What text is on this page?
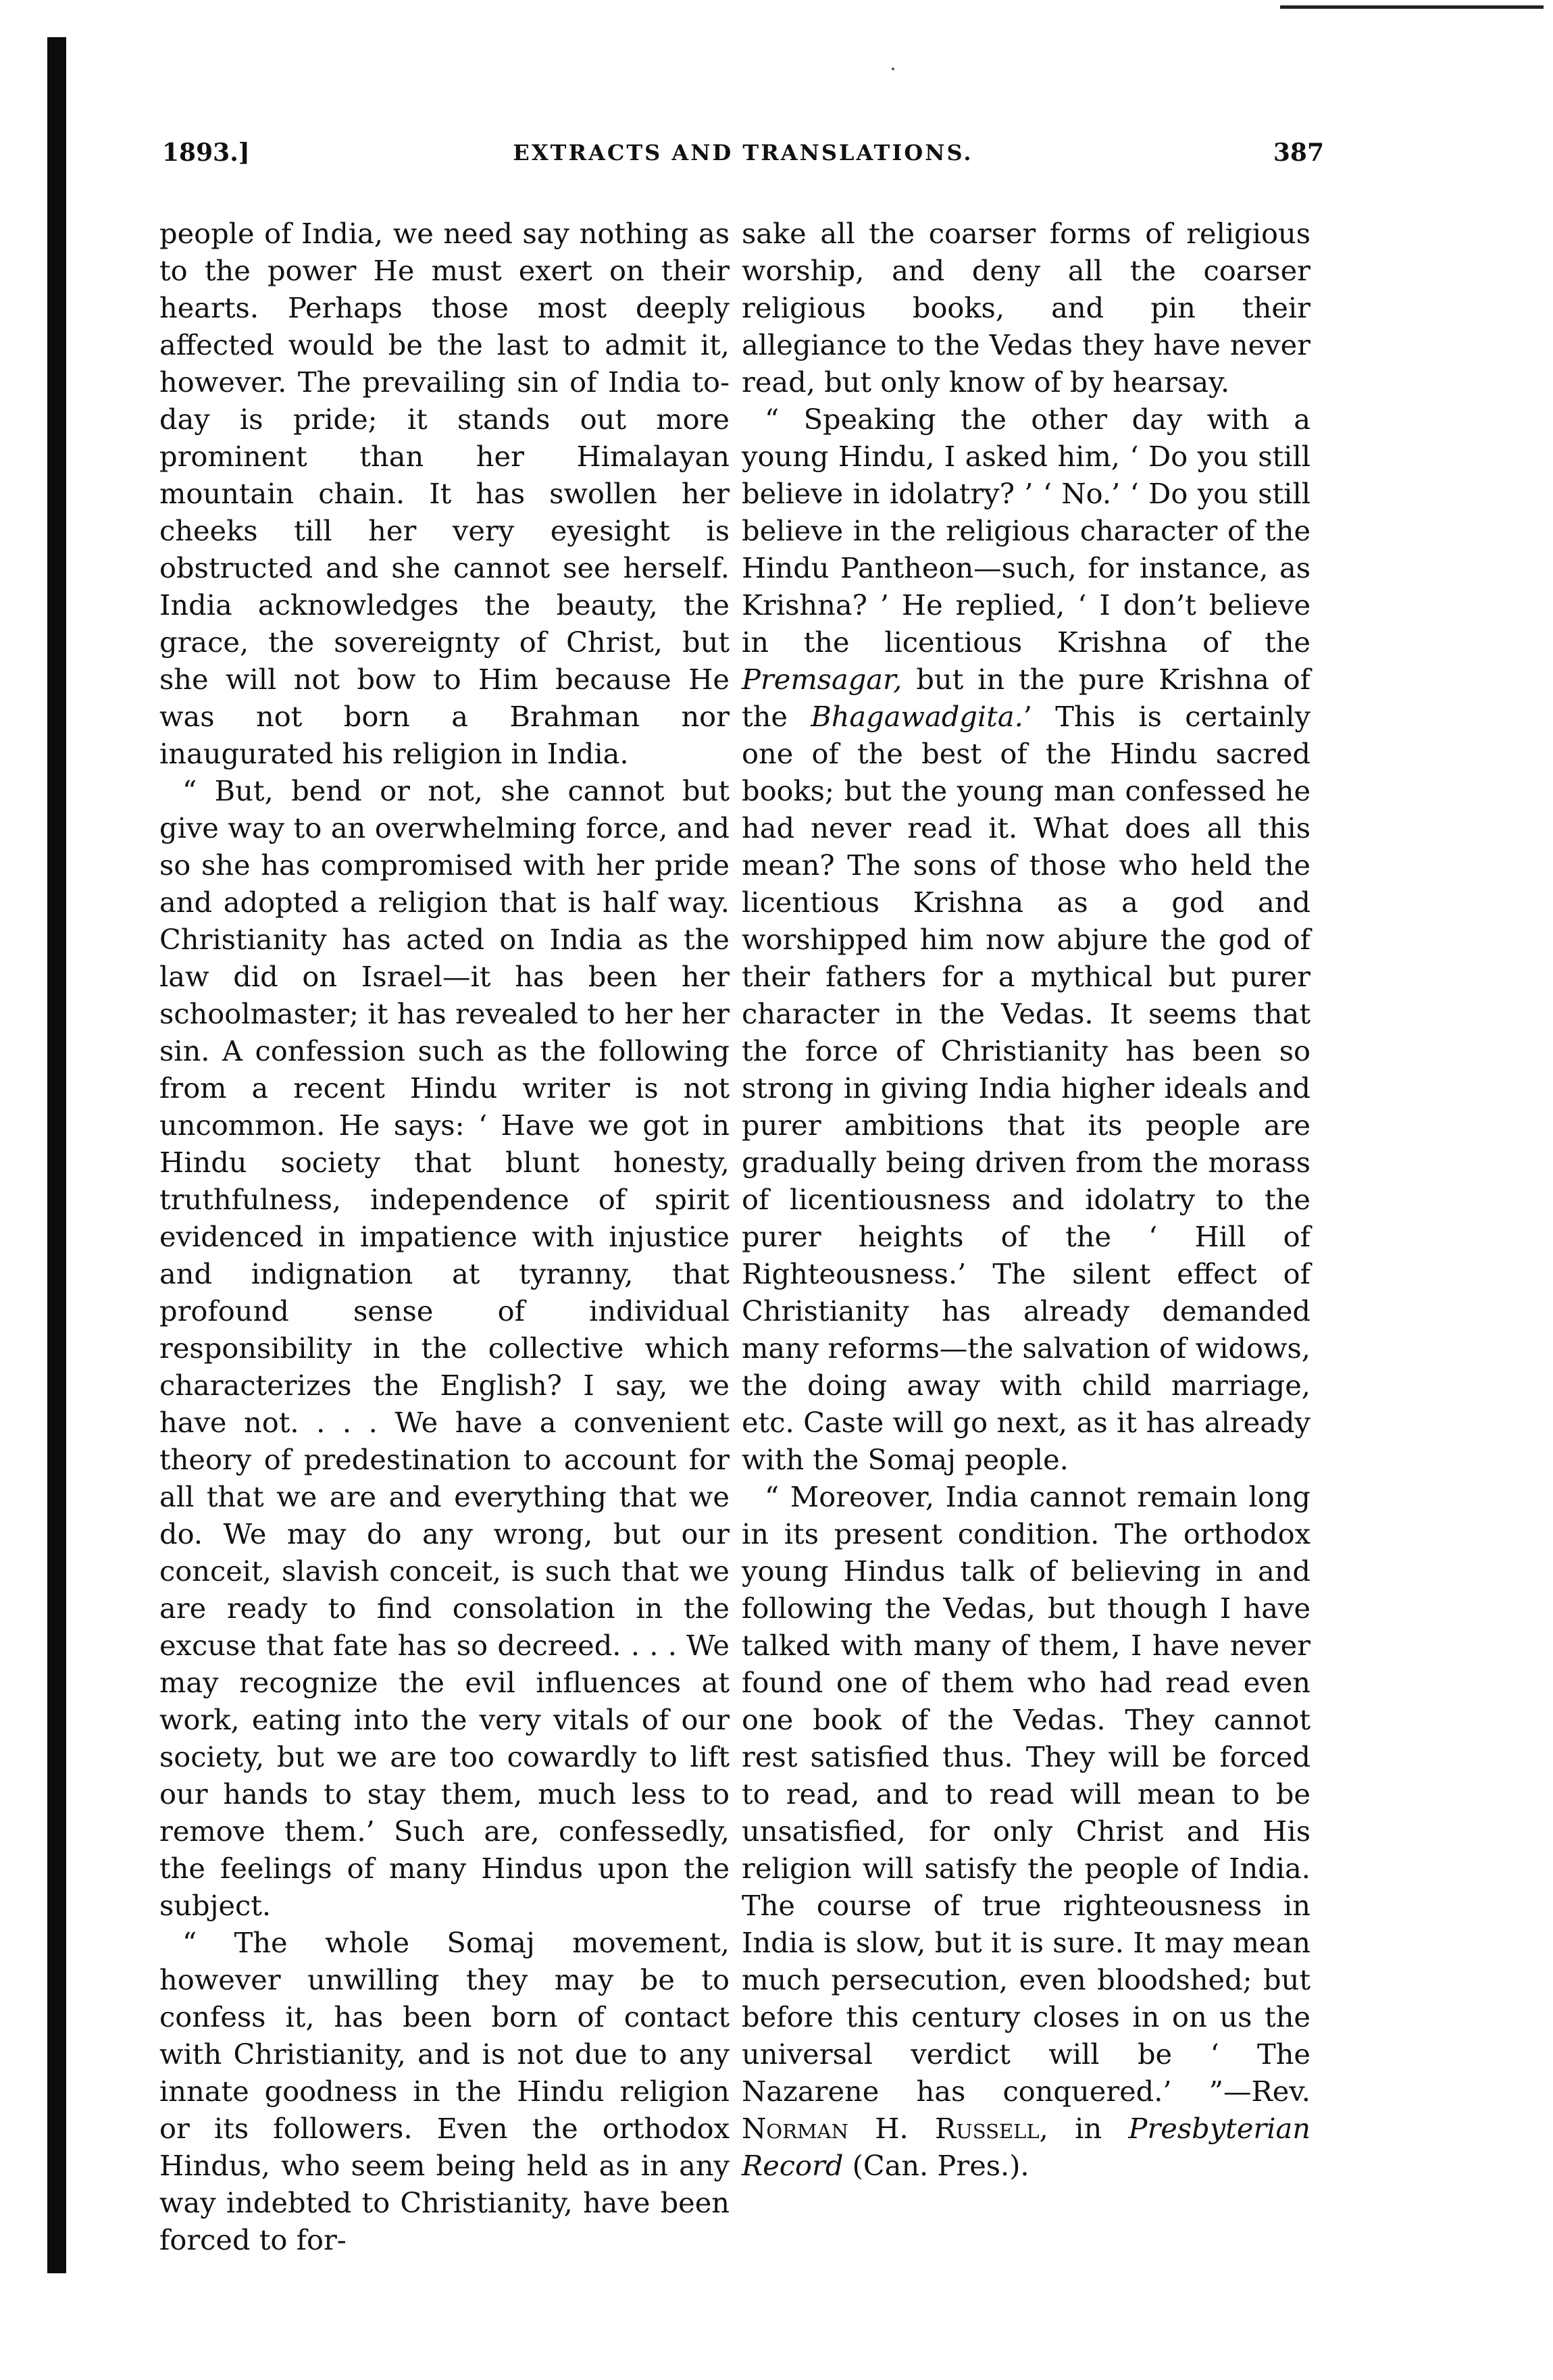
1893.]	EXTRACTS AND TRANSLATIONS.	387

people of India, we need say nothing as to the power He must exert on their hearts. Perhaps those most deeply affected would be the last to admit it, however. The prevailing sin of India to-day is pride; it stands out more prominent than her Himalayan mountain chain. It has swollen her cheeks till her very eyesight is obstructed and she cannot see herself. India acknowledges the beauty, the grace, the sovereignty of Christ, but she will not bow to Him because He was not born a Brahman nor inaugurated his religion in India.

“ But, bend or not, she cannot but give way to an overwhelming force, and so she has compromised with her pride and adopted a religion that is half way. Christianity has acted on India as the law did on Israel—it has been her schoolmaster; it has revealed to her her sin. A confession such as the following from a recent Hindu writer is not uncommon. He says: ‘ Have we got in Hindu society that blunt honesty, truthfulness, independence of spirit evidenced in impatience with injustice and indignation at tyranny, that profound sense of individual responsibility in the collective which characterizes the English? I say, we have not. . . . We have a convenient theory of predestination to account for all that we are and everything that we do. We may do any wrong, but our conceit, slavish conceit, is such that we are ready to find consolation in the excuse that fate has so decreed. . . . We may recognize the evil influences at work, eating into the very vitals of our society, but we are too cowardly to lift our hands to stay them, much less to remove them.’ Such are, confessedly, the feelings of many Hindus upon the subject.

“ The whole Somaj movement, however unwilling they may be to confess it, has been born of contact with Christianity, and is not due to any innate goodness in the Hindu religion or its followers. Even the orthodox Hindus, who seem being held as in any way indebted to Christianity, have been forced to for-

sake all the coarser forms of religious worship, and deny all the coarser religious books, and pin their allegiance to the Vedas they have never read, but only know of by hearsay.

“ Speaking the other day with a young Hindu, I asked him, ‘ Do you still believe in idolatry? ’ ‘ No.’ ‘ Do you still believe in the religious character of the Hindu Pantheon—such, for instance, as Krishna? ’ He replied, ‘ I don’t believe in the licentious Krishna of the Premsagar, but in the pure Krishna of the Bhagawadgita.’ This is certainly one of the best of the Hindu sacred books; but the young man confessed he had never read it. What does all this mean? The sons of those who held the licentious Krishna as a god and worshipped him now abjure the god of their fathers for a mythical but purer character in the Vedas. It seems that the force of Christianity has been so strong in giving India higher ideals and purer ambitions that its people are gradually being driven from the morass of licentiousness and idolatry to the purer heights of the ‘ Hill of Righteousness.’ The silent effect of Christianity has already demanded many reforms—the salvation of widows, the doing away with child marriage, etc. Caste will go next, as it has already with the Somaj people.

“ Moreover, India cannot remain long in its present condition. The orthodox young Hindus talk of believing in and following the Vedas, but though I have talked with many of them, I have never found one of them who had read even one book of the Vedas. They cannot rest satisfied thus. They will be forced to read, and to read will mean to be unsatisfied, for only Christ and His religion will satisfy the people of India. The course of true righteousness in India is slow, but it is sure. It may mean much persecution, even bloodshed; but before this century closes in on us the universal verdict will be ‘ The Nazarene has conquered.’ ”—Rev. Norman H. Russell, in Presbyterian Record (Can. Pres.).
